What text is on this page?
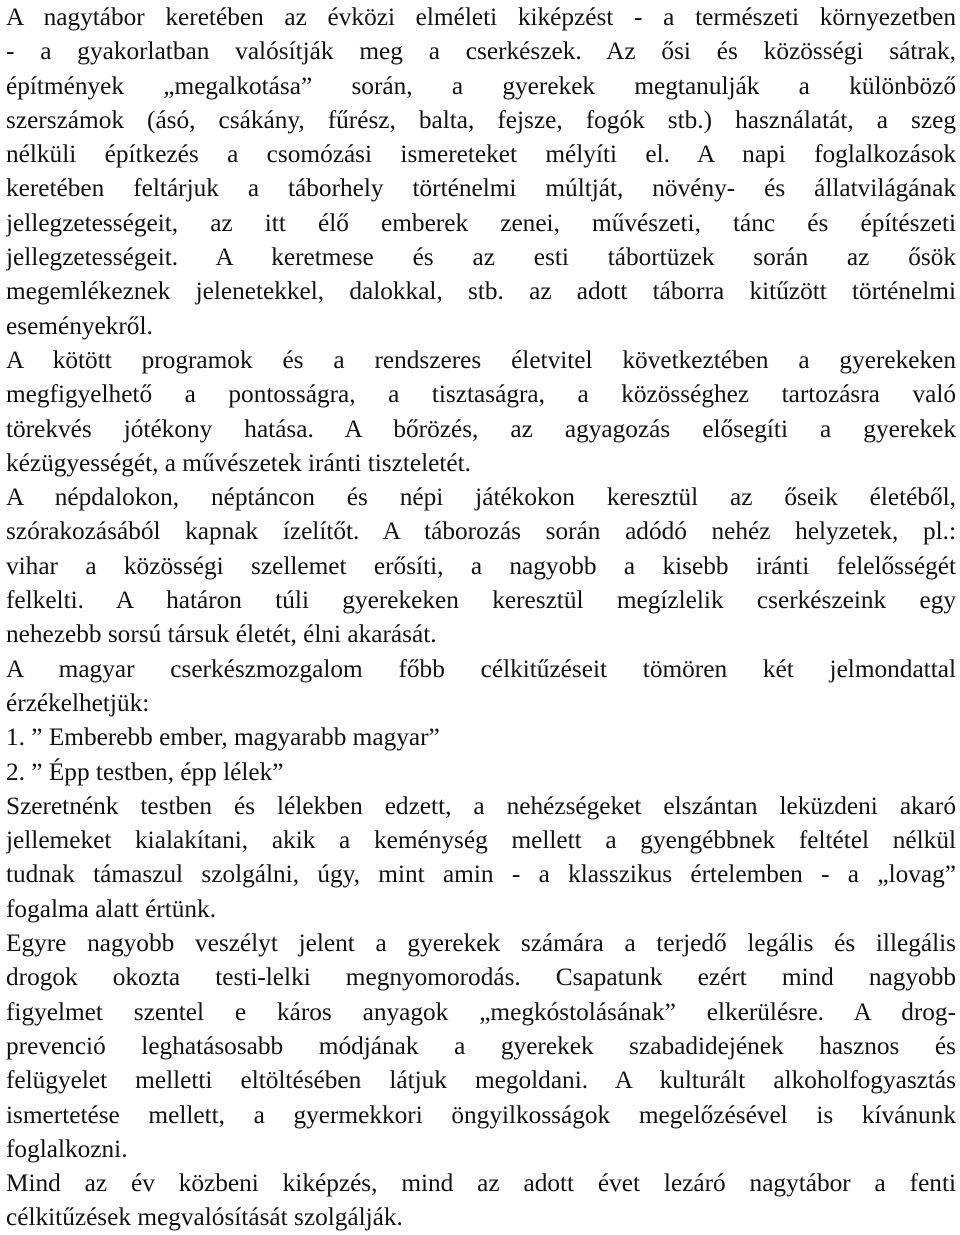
A nagytábor keretében az évközi elméleti kiképzést - a természeti környezetben
- a gyakorlatban valósítják meg a cserkészek. Az ősi és közösségi sátrak,
építmények „megalkotása” során, a gyerekek megtanulják a különböző
szerszámok (ásó, csákány, fűrész, balta, fejsze, fogók stb.) használatát, a szeg
nélküli építkezés a csomózási ismereteket mélyíti el. A napi foglalkozások
keretében feltárjuk a táborhely történelmi múltját, növény- és állatvilágának
jellegzetességeit, az itt élő emberek zenei, művészeti, tánc és építészeti
jellegzetességeit. A keretmese és az esti tábortüzek során az ősök
megemlékeznek jelenetekkel, dalokkal, stb. az adott táborra kitűzött történelmi
eseményekről.
A kötött programok és a rendszeres életvitel következtében a gyerekeken
megfigyelhető a pontosságra, a tisztaságra, a közösséghez tartozásra való
törekvés jótékony hatása. A bőrözés, az agyagozás elősegíti a gyerekek
kézügyességét, a művészetek iránti tiszteletét.
A népdalokon, néptáncon és népi játékokon keresztül az őseik életéből,
szórakozásából kapnak ízelítőt. A táborozás során adódó nehéz helyzetek, pl.:
vihar a közösségi szellemet erősíti, a nagyobb a kisebb iránti felelősségét
felkelti. A határon túli gyerekeken keresztül megízlelik cserkészeink egy
nehezebb sorsú társuk életét, élni akarását.
A magyar cserkészmozgalom főbb célkitűzéseit tömören két jelmondattal
érzékelhetjük:
1. ” Emberebb ember, magyarabb magyar”
2. ” Épp testben, épp lélek”
Szeretnénk testben és lélekben edzett, a nehézségeket elszántan leküzdeni akaró
jellemeket kialakítani, akik a keménység mellett a gyengébbnek feltétel nélkül
tudnak támaszul szolgálni, úgy, mint amin - a klasszikus értelemben - a „lovag”
fogalma alatt értünk.
Egyre nagyobb veszélyt jelent a gyerekek számára a terjedő legális és illegális
drogok okozta testi-lelki megnyomorodás. Csapatunk ezért mind nagyobb
figyelmet szentel e káros anyagok „megkóstolásának” elkerülésre. A drog-
prevenció leghatásosabb módjának a gyerekek szabadidejének hasznos és
felügyelet melletti eltöltésében látjuk megoldani. A kulturált alkoholfogyasztás
ismertetése mellett, a gyermekkori öngyilkosságok megelőzésével is kívánunk
foglalkozni.
Mind az év közbeni kiképzés, mind az adott évet lezáró nagytábor a fenti
célkitűzések megvalósítását szolgálják.
